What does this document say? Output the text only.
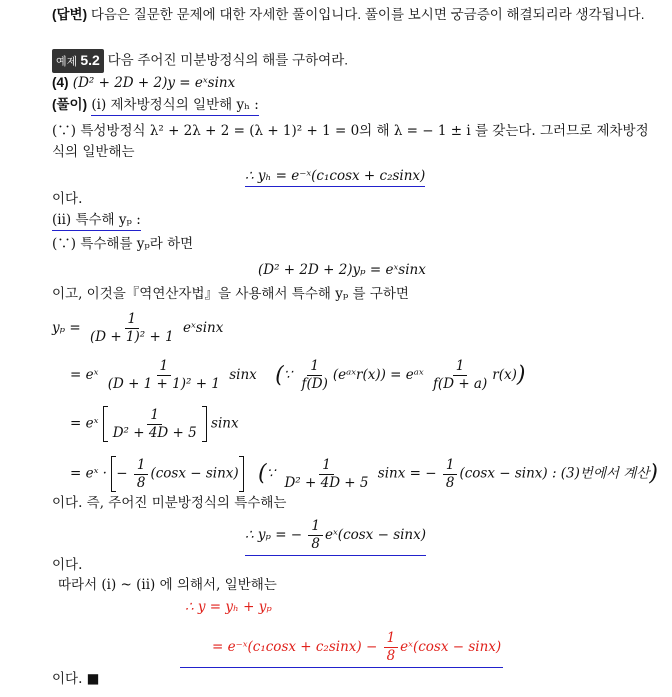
(답변) 다음은 질문한 문제에 대한 자세한 풀이입니다. 풀이를 보시면 궁금증이 해결되리라 생각됩니다.
예제 5.2 다음 주어진 미분방정식의 해를 구하여라.
(4) (D² + 2D + 2)y = eˣsinx
(풀이) (i) 제차방정식의 일반해 yₕ :
(∵) 특성방정식 λ² + 2λ + 2 = (λ + 1)² + 1 = 0의 해 λ = − 1 ± i 를 갖는다. 그러므로 제차방정
식의 일반해는
∴ yₕ = e⁻ˣ(c₁cosx + c₂sinx)
이다.
(ii) 특수해 yₚ :
(∵) 특수해를 yₚ라 하면
(D² + 2D + 2)yₚ = eˣsinx
이고, 이것을『역연산자법』을 사용해서 특수해 yₚ 를 구하면
$y_p = \frac{1}{\text{(D + 1)² + 1}}$ eˣsinx
= eˣ $\frac{1}{\text{(D + 1 + 1)² + 1}}$ sinx (∵ $\frac{1}{f(D)}$ (eᵃˣr(x)) = eᵃˣ $\frac{1}{f(D + a)} r(x)$)
= eˣ $\frac{1}{\text{D² + 4D + 5}}$ sinx
= eˣ · − $\frac{1}{8} (\cos x - \sin x)$ (∵ $\frac{1}{\text{D² + 4D + 5}}$ sinx = − $\frac{1}{8} (\cos x - \sin x)$ : (3)번에서 계산)
이다. 즉, 주어진 미분방정식의 특수해는
∴ yₚ = − $\frac{1}{8}$ eˣ(cosx − sinx)
이다.
따라서 (i) ~ (ii) 에 의해서, 일반해는
∴ y = yₕ + yₚ
= e⁻ˣ(c₁cosx + $c_2\sin x) - \frac{1}{8}$ eˣ(cosx − sinx)
이다. ■
